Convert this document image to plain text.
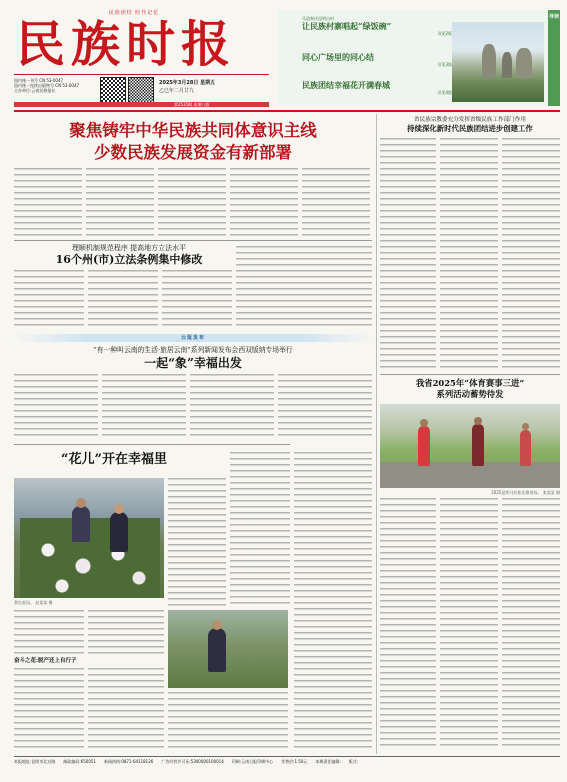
民族团结 时代记忆
民族时报
国内统一刊号 CN 53-0047
国内统一连续出版物号 CN 53-0047
主办单位:云南民族报社
2025年3月28日 星期五
乙巳年二月廿九
第2535期 本期八版
导读
乐造奏庆昆明山村
让民族村寨唱起“绿饭碗”
详见2版
同心广场里的同心结
详见3版
民族团结幸福花开满春城
详见4版
聚焦铸牢中华民族共同体意识主线
少数民族发展资金有新部署
理顺机制规范程序 提高地方立法水平
16个州(市)立法条例集中修改
云报发布
“有一种叫云南的生活·旅居云南”系列新闻发布会西双版纳专场举行
一起“象”幸福出发
“花儿”开在幸福里
我在赶场。 赵某某 摄
奋斗之花:脱产还上自行子
省民族宗教委充分发挥省级民族工作部门作用
持续深化新时代民族团结进步创建工作
我省2025年“体育赛事三进”
系列活动蓄势待发
2025昆明马拉松比赛现场。 张某某 摄
本报地址:昆明市北京路 邮政编码:650051 新闻热线:0871-64118126 广告经营许可证:5300000100014 印刷:云南日报印刷中心 零售价:1.50元 本期责任编辑: 版式:
